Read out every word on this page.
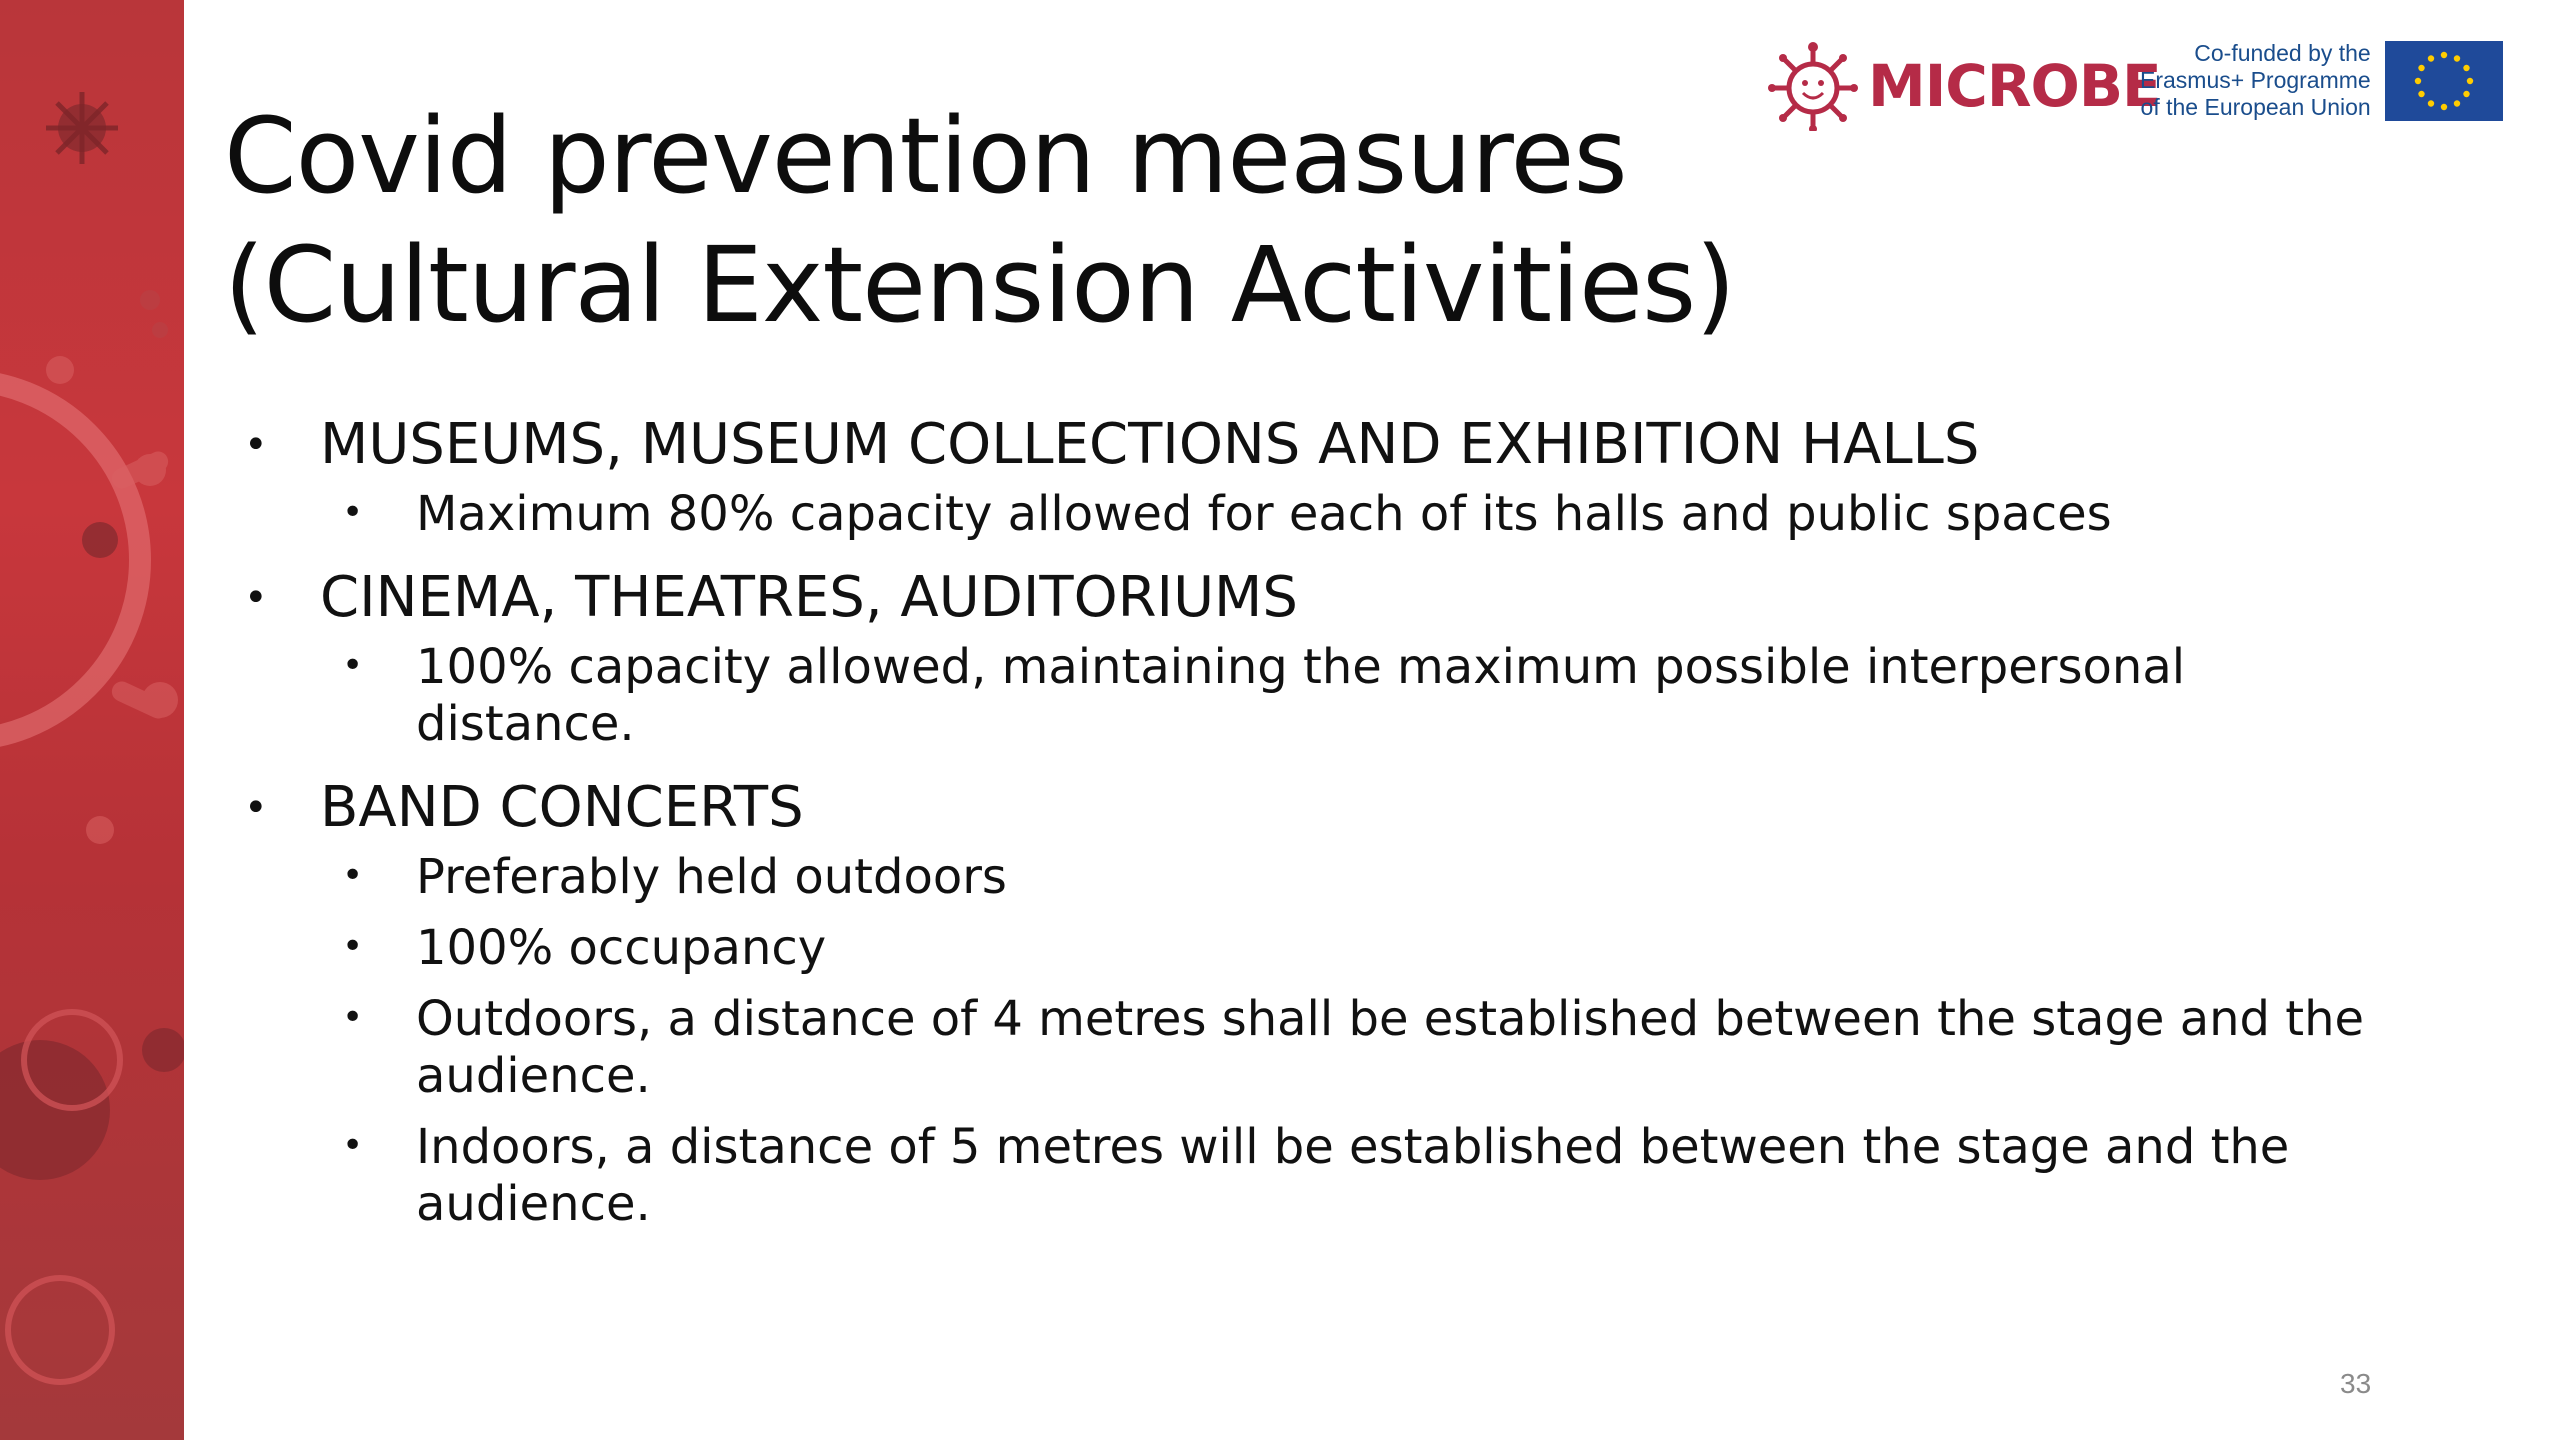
MICROBE	Co-funded by the
Erasmus+ Programme
of the European Union
Covid prevention measures (Cultural Extension Activities)
• MUSEUMS, MUSEUM COLLECTIONS AND EXHIBITION HALLS
• Maximum 80% capacity allowed for each of its halls and public spaces
• CINEMA, THEATRES, AUDITORIUMS
• 100% capacity allowed, maintaining the maximum possible interpersonal distance.
• BAND CONCERTS
• Preferably held outdoors
• 100% occupancy
• Outdoors, a distance of 4 metres shall be established between the stage and the audience.
• Indoors, a distance of 5 metres will be established between the stage and the audience.
33
